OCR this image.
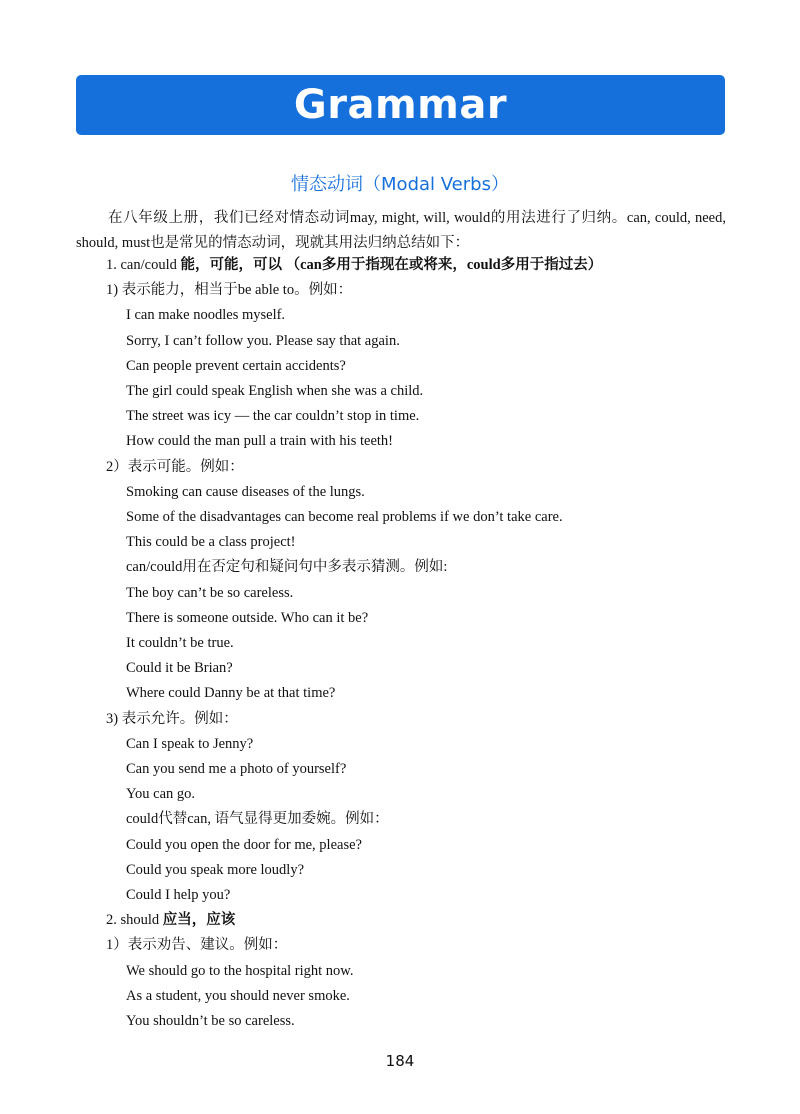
Grammar
情态动词（Modal Verbs）
在八年级上册，我们已经对情态动词may, might, will, would的用法进行了归纳。can, could, need, should, must也是常见的情态动词，现就其用法归纳总结如下：
1. can/could 能，可能，可以 （can多用于指现在或将来，could多用于指过去）
1) 表示能力，相当于be able to。例如：
I can make noodles myself.
Sorry, I can’t follow you. Please say that again.
Can people prevent certain accidents?
The girl could speak English when she was a child.
The street was icy — the car couldn’t stop in time.
How could the man pull a train with his teeth!
2）表示可能。例如：
Smoking can cause diseases of the lungs.
Some of the disadvantages can become real problems if we don’t take care.
This could be a class project!
can/could用在否定句和疑问句中多表示猜测。例如:
The boy can’t be so careless.
There is someone outside. Who can it be?
It couldn’t be true.
Could it be Brian?
Where could Danny be at that time?
3) 表示允许。例如：
Can I speak to Jenny?
Can you send me a photo of yourself?
You can go.
could代替can, 语气显得更加委婉。例如：
Could you open the door for me, please?
Could you speak more loudly?
Could I help you?
2. should 应当，应该
1）表示劝告、建议。例如：
We should go to the hospital right now.
As a student, you should never smoke.
You shouldn’t be so careless.
184
